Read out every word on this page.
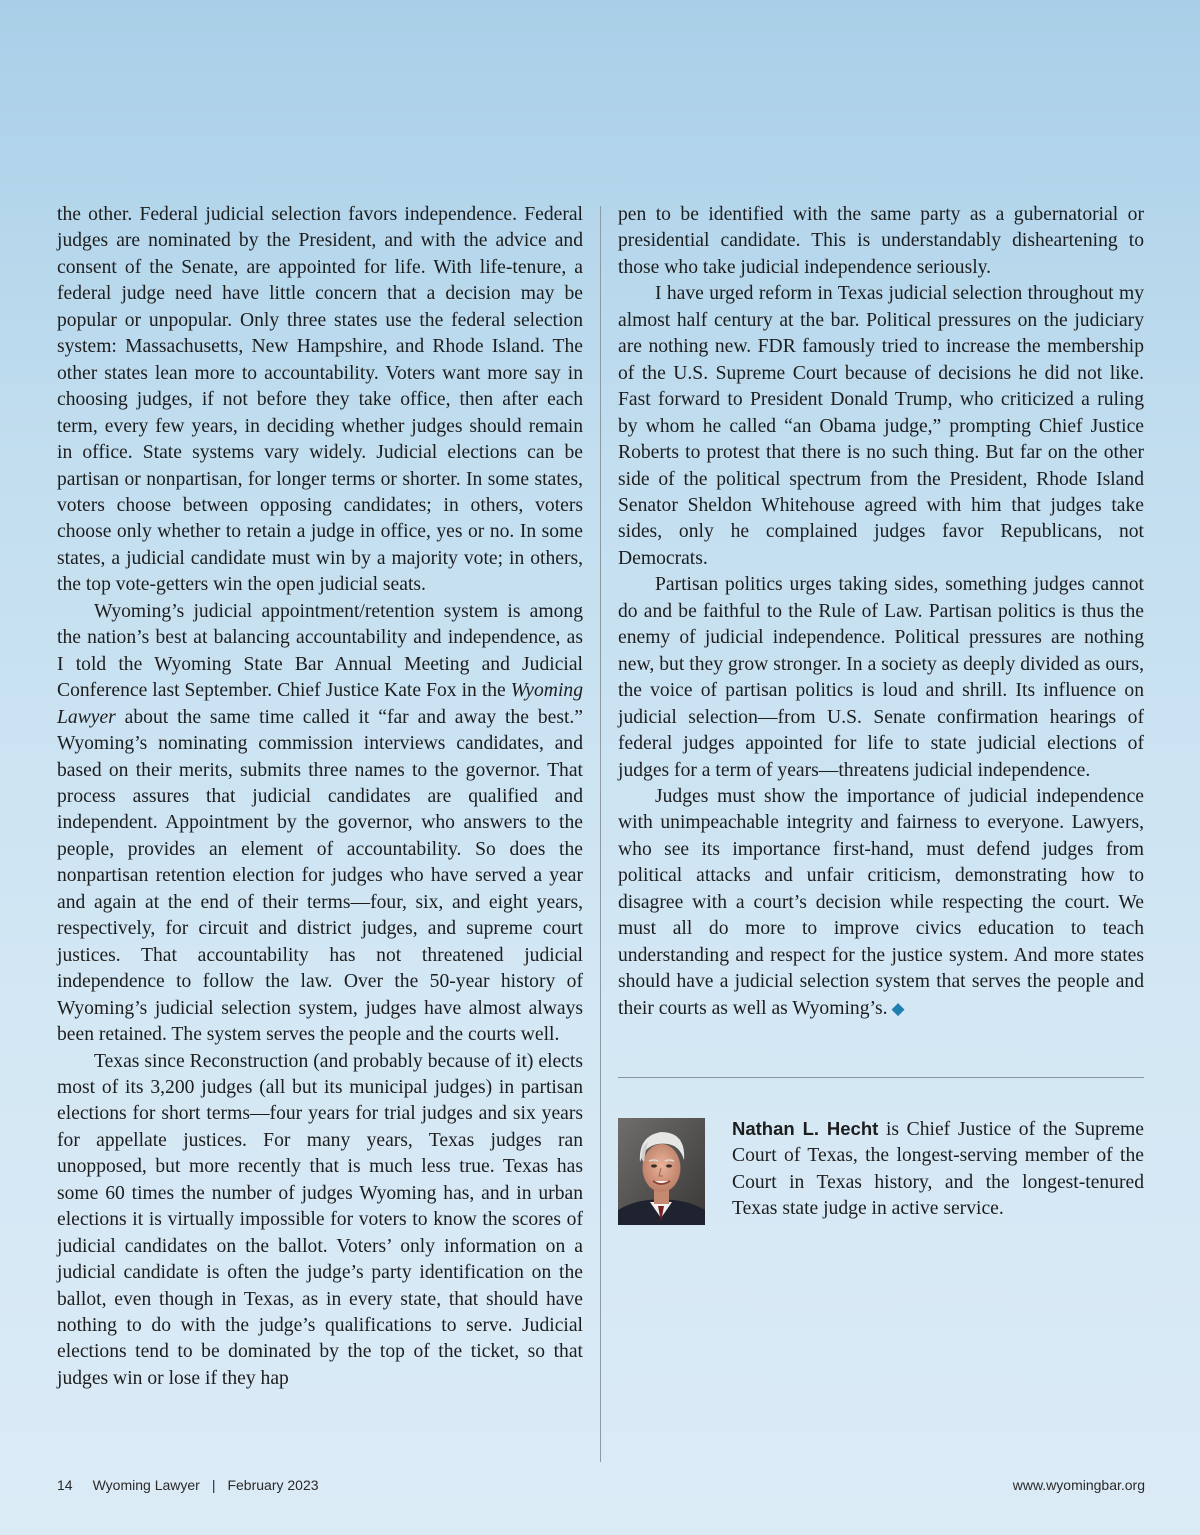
the other. Federal judicial selection favors independence. Federal judges are nominated by the President, and with the advice and consent of the Senate, are appointed for life. With life-tenure, a federal judge need have little concern that a decision may be popular or unpopular. Only three states use the federal selection system: Massachusetts, New Hampshire, and Rhode Island. The other states lean more to accountability. Voters want more say in choosing judges, if not before they take office, then after each term, every few years, in deciding whether judges should remain in office. State systems vary widely. Judicial elections can be partisan or nonpartisan, for longer terms or shorter. In some states, voters choose between opposing candidates; in others, voters choose only whether to retain a judge in office, yes or no. In some states, a judicial candidate must win by a majority vote; in others, the top vote-getters win the open judicial seats.

Wyoming’s judicial appointment/retention system is among the nation’s best at balancing accountability and independence, as I told the Wyoming State Bar Annual Meeting and Judicial Conference last September. Chief Justice Kate Fox in the Wyoming Lawyer about the same time called it “far and away the best.” Wyoming’s nominating commission interviews candidates, and based on their merits, submits three names to the governor. That process assures that judicial candidates are qualified and independent. Appointment by the governor, who answers to the people, provides an element of accountability. So does the nonpartisan retention election for judges who have served a year and again at the end of their terms—four, six, and eight years, respectively, for circuit and district judges, and supreme court justices. That accountability has not threatened judicial independence to follow the law. Over the 50-year history of Wyoming’s judicial selection system, judges have almost always been retained. The system serves the people and the courts well.

Texas since Reconstruction (and probably because of it) elects most of its 3,200 judges (all but its municipal judges) in partisan elections for short terms—four years for trial judges and six years for appellate justices. For many years, Texas judges ran unopposed, but more recently that is much less true. Texas has some 60 times the number of judges Wyoming has, and in urban elections it is virtually impossible for voters to know the scores of judicial candidates on the ballot. Voters’ only information on a judicial candidate is often the judge’s party identification on the ballot, even though in Texas, as in every state, that should have nothing to do with the judge’s qualifications to serve. Judicial elections tend to be dominated by the top of the ticket, so that judges win or lose if they hap

pen to be identified with the same party as a gubernatorial or presidential candidate. This is understandably disheartening to those who take judicial independence seriously.

I have urged reform in Texas judicial selection throughout my almost half century at the bar. Political pressures on the judiciary are nothing new. FDR famously tried to increase the membership of the U.S. Supreme Court because of decisions he did not like. Fast forward to President Donald Trump, who criticized a ruling by whom he called “an Obama judge,” prompting Chief Justice Roberts to protest that there is no such thing. But far on the other side of the political spectrum from the President, Rhode Island Senator Sheldon Whitehouse agreed with him that judges take sides, only he complained judges favor Republicans, not Democrats.

Partisan politics urges taking sides, something judges cannot do and be faithful to the Rule of Law. Partisan politics is thus the enemy of judicial independence. Political pressures are nothing new, but they grow stronger. In a society as deeply divided as ours, the voice of partisan politics is loud and shrill. Its influence on judicial selection—from U.S. Senate confirmation hearings of federal judges appointed for life to state judicial elections of judges for a term of years—threatens judicial independence.

Judges must show the importance of judicial independence with unimpeachable integrity and fairness to everyone. Lawyers, who see its importance first-hand, must defend judges from political attacks and unfair criticism, demonstrating how to disagree with a court’s decision while respecting the court. We must all do more to improve civics education to teach understanding and respect for the justice system. And more states should have a judicial selection system that serves the people and their courts as well as Wyoming’s. ◆

Nathan L. Hecht is Chief Justice of the Supreme Court of Texas, the longest-serving member of the Court in Texas history, and the longest-tenured Texas state judge in active service.
14 Wyoming Lawyer | February 2023	www.wyomingbar.org
